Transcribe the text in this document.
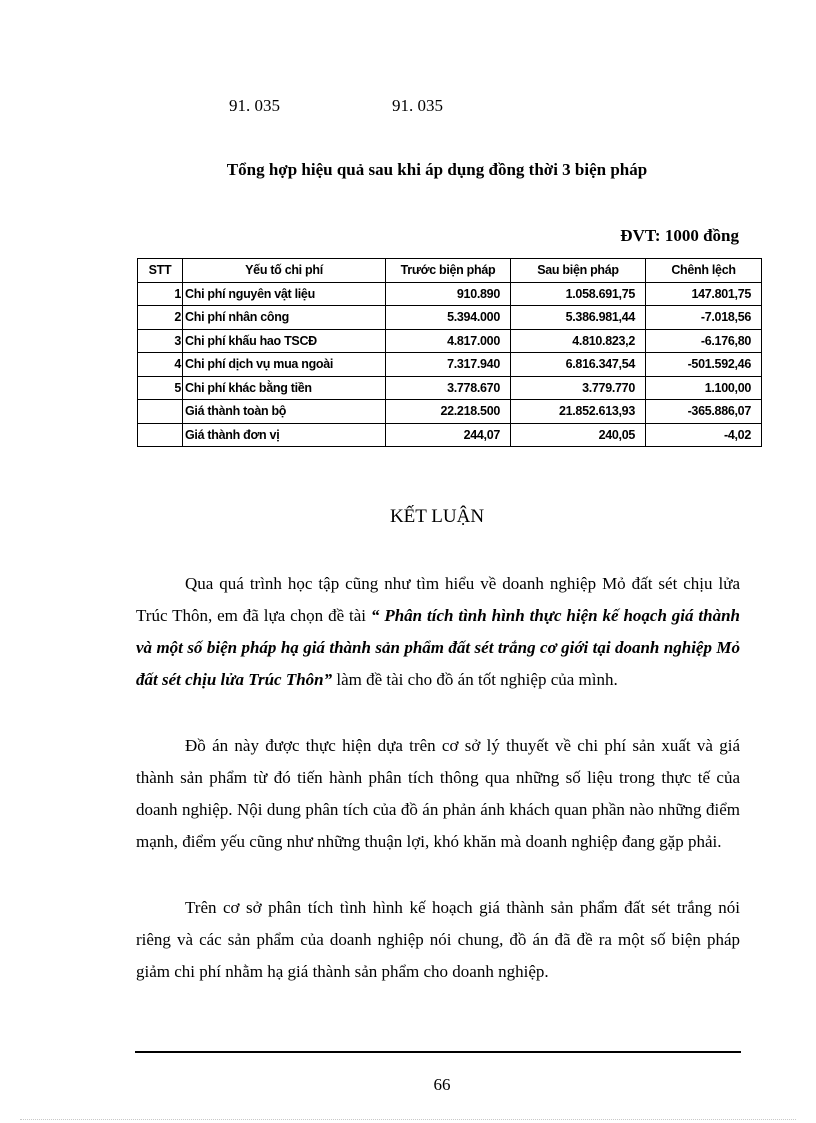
91. 035	91. 035
Tổng hợp hiệu quả sau khi áp dụng đồng thời 3 biện pháp
ĐVT: 1000 đồng
STT	Yếu tố chi phí	Trước biện pháp	Sau biện pháp	Chênh lệch
1	Chi phí nguyên vật liệu	910.890	1.058.691,75	147.801,75
2	Chi phí nhân công	5.394.000	5.386.981,44	-7.018,56
3	Chi phí khấu hao TSCĐ	4.817.000	4.810.823,2	-6.176,80
4	Chi phí dịch vụ mua ngoài	7.317.940	6.816.347,54	-501.592,46
5	Chi phí khác bằng tiền	3.778.670	3.779.770	1.100,00
	Giá thành toàn bộ	22.218.500	21.852.613,93	-365.886,07
	Giá thành đơn vị	244,07	240,05	-4,02
KẾT LUẬN

Qua quá trình học tập cũng như tìm hiểu về doanh nghiệp Mỏ đất sét chịu lửa Trúc Thôn, em đã lựa chọn đề tài “ Phân tích tình hình thực hiện kế hoạch giá thành và một số biện pháp hạ giá thành sản phẩm đất sét trắng cơ giới tại doanh nghiệp Mỏ đất sét chịu lửa Trúc Thôn” làm đề tài cho đồ án tốt nghiệp của mình.

Đồ án này được thực hiện dựa trên cơ sở lý thuyết về chi phí sản xuất và giá thành sản phẩm từ đó tiến hành phân tích thông qua những số liệu trong thực tế của doanh nghiệp. Nội dung phân tích của đồ án phản ánh khách quan phần nào những điểm mạnh, điểm yếu cũng như những thuận lợi, khó khăn mà doanh nghiệp đang gặp phải.

Trên cơ sở phân tích tình hình kế hoạch giá thành sản phẩm đất sét trắng nói riêng và các sản phẩm của doanh nghiệp nói chung, đồ án đã đề ra một số biện pháp giảm chi phí nhằm hạ giá thành sản phẩm cho doanh nghiệp.

66
